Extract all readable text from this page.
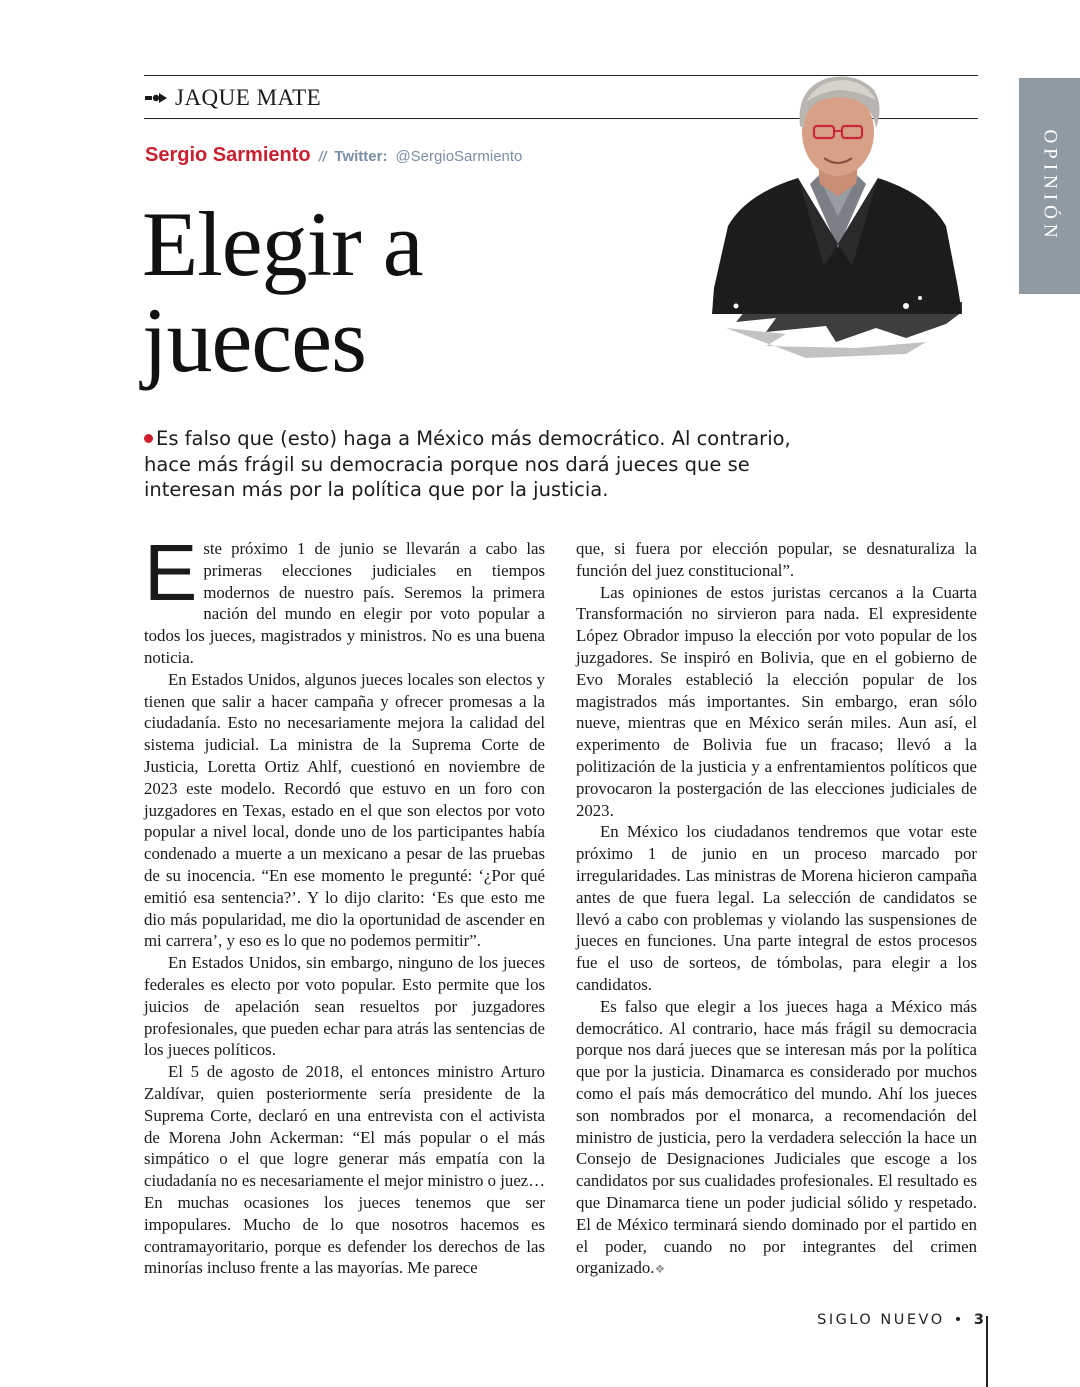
JAQUE MATE
Sergio Sarmiento // Twitter: @SergioSarmiento
Elegir a
jueces
OPINIÓN

Es falso que (esto) haga a México más democrático. Al contrario, hace más frágil su democracia porque nos dará jueces que se interesan más por la política que por la justicia.

Este próximo 1 de junio se llevarán a cabo las primeras elecciones judiciales en tiempos modernos de nuestro país. Seremos la primera nación del mundo en elegir por voto popular a todos los jueces, magistrados y ministros. No es una buena noticia.

En Estados Unidos, algunos jueces locales son electos y tienen que salir a hacer campaña y ofrecer promesas a la ciudadanía. Esto no necesariamente mejora la calidad del sistema judicial. La ministra de la Suprema Corte de Justicia, Loretta Ortiz Ahlf, cuestionó en noviembre de 2023 este modelo. Recordó que estuvo en un foro con juzgadores en Texas, estado en el que son electos por voto popular a nivel local, donde uno de los participantes había condenado a muerte a un mexicano a pesar de las pruebas de su inocencia. “En ese momento le pregunté: ‘¿Por qué emitió esa sentencia?’. Y lo dijo clarito: ‘Es que esto me dio más popularidad, me dio la oportunidad de ascender en mi carrera’, y eso es lo que no podemos permitir”.

En Estados Unidos, sin embargo, ninguno de los jueces federales es electo por voto popular. Esto permite que los juicios de apelación sean resueltos por juzgadores profesionales, que pueden echar para atrás las sentencias de los jueces políticos.

El 5 de agosto de 2018, el entonces ministro Arturo Zaldívar, quien posteriormente sería presidente de la Suprema Corte, declaró en una entrevista con el activista de Morena John Ackerman: “El más popular o el más simpático o el que logre generar más empatía con la ciudadanía no es necesariamente el mejor ministro o juez… En muchas ocasiones los jueces tenemos que ser impopulares. Mucho de lo que nosotros hacemos es contramayoritario, porque es defender los derechos de las minorías incluso frente a las mayorías. Me parece

que, si fuera por elección popular, se desnaturaliza la función del juez constitucional”.

Las opiniones de estos juristas cercanos a la Cuarta Transformación no sirvieron para nada. El expresidente López Obrador impuso la elección por voto popular de los juzgadores. Se inspiró en Bolivia, que en el gobierno de Evo Morales estableció la elección popular de los magistrados más importantes. Sin embargo, eran sólo nueve, mientras que en México serán miles. Aun así, el experimento de Bolivia fue un fracaso; llevó a la politización de la justicia y a enfrentamientos políticos que provocaron la postergación de las elecciones judiciales de 2023.

En México los ciudadanos tendremos que votar este próximo 1 de junio en un proceso marcado por irregularidades. Las ministras de Morena hicieron campaña antes de que fuera legal. La selección de candidatos se llevó a cabo con problemas y violando las suspensiones de jueces en funciones. Una parte integral de estos procesos fue el uso de sorteos, de tómbolas, para elegir a los candidatos.

Es falso que elegir a los jueces haga a México más democrático. Al contrario, hace más frágil su democracia porque nos dará jueces que se interesan más por la política que por la justicia. Dinamarca es considerado por muchos como el país más democrático del mundo. Ahí los jueces son nombrados por el monarca, a recomendación del ministro de justicia, pero la verdadera selección la hace un Consejo de Designaciones Judiciales que escoge a los candidatos por sus cualidades profesionales. El resultado es que Dinamarca tiene un poder judicial sólido y respetado. El de México terminará siendo dominado por el partido en el poder, cuando no por integrantes del crimen organizado.❖

SIGLO NUEVO • 3
